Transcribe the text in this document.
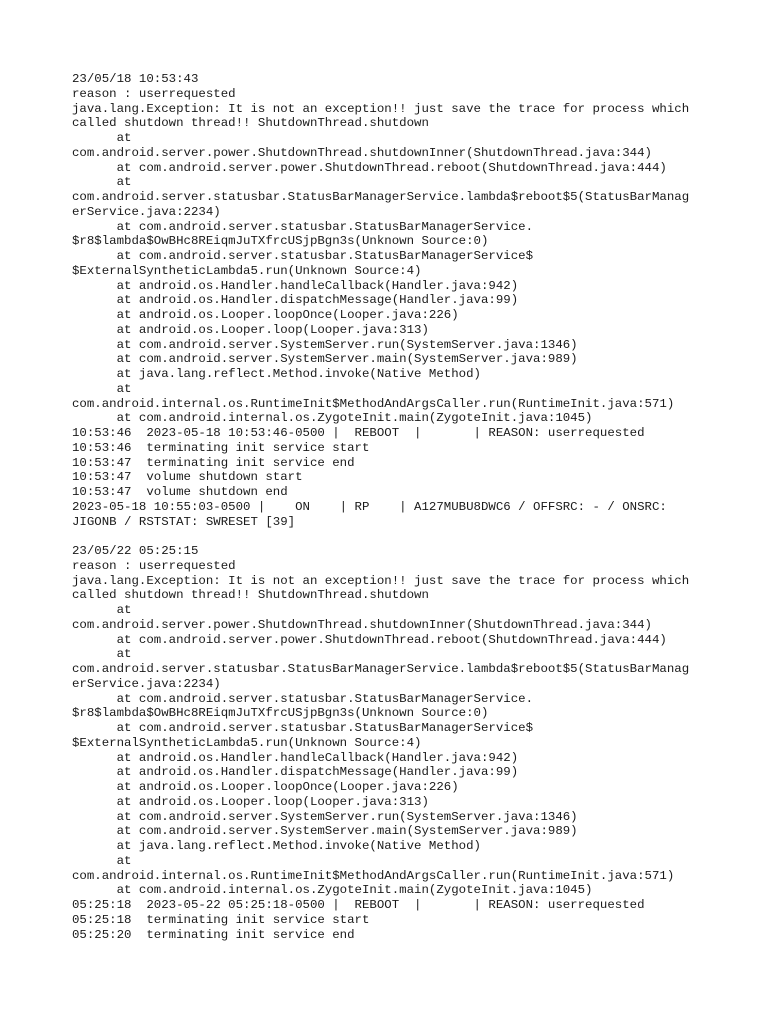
23/05/18 10:53:43
reason : userrequested
java.lang.Exception: It is not an exception!! just save the trace for process which
called shutdown thread!! ShutdownThread.shutdown
at
com.android.server.power.ShutdownThread.shutdownInner(ShutdownThread.java:344)
at com.android.server.power.ShutdownThread.reboot(ShutdownThread.java:444)
at
com.android.server.statusbar.StatusBarManagerService.lambda$reboot$5(StatusBarManag
erService.java:2234)
at com.android.server.statusbar.StatusBarManagerService.
$r8$lambda$OwBHc8REiqmJuTXfrcUSjpBgn3s(Unknown Source:0)
at com.android.server.statusbar.StatusBarManagerService$
$ExternalSyntheticLambda5.run(Unknown Source:4)
at android.os.Handler.handleCallback(Handler.java:942)
at android.os.Handler.dispatchMessage(Handler.java:99)
at android.os.Looper.loopOnce(Looper.java:226)
at android.os.Looper.loop(Looper.java:313)
at com.android.server.SystemServer.run(SystemServer.java:1346)
at com.android.server.SystemServer.main(SystemServer.java:989)
at java.lang.reflect.Method.invoke(Native Method)
at
com.android.internal.os.RuntimeInit$MethodAndArgsCaller.run(RuntimeInit.java:571)
at com.android.internal.os.ZygoteInit.main(ZygoteInit.java:1045)
10:53:46  2023-05-18 10:53:46-0500 |  REBOOT  |       | REASON: userrequested
10:53:46  terminating init service start
10:53:47  terminating init service end
10:53:47  volume shutdown start
10:53:47  volume shutdown end
2023-05-18 10:55:03-0500 |    ON    | RP    | A127MUBU8DWC6 / OFFSRC: - / ONSRC:
JIGONB / RSTSTAT: SWRESET [39]
23/05/22 05:25:15
reason : userrequested
java.lang.Exception: It is not an exception!! just save the trace for process which
called shutdown thread!! ShutdownThread.shutdown
at
com.android.server.power.ShutdownThread.shutdownInner(ShutdownThread.java:344)
at com.android.server.power.ShutdownThread.reboot(ShutdownThread.java:444)
at
com.android.server.statusbar.StatusBarManagerService.lambda$reboot$5(StatusBarManag
erService.java:2234)
at com.android.server.statusbar.StatusBarManagerService.
$r8$lambda$OwBHc8REiqmJuTXfrcUSjpBgn3s(Unknown Source:0)
at com.android.server.statusbar.StatusBarManagerService$
$ExternalSyntheticLambda5.run(Unknown Source:4)
at android.os.Handler.handleCallback(Handler.java:942)
at android.os.Handler.dispatchMessage(Handler.java:99)
at android.os.Looper.loopOnce(Looper.java:226)
at android.os.Looper.loop(Looper.java:313)
at com.android.server.SystemServer.run(SystemServer.java:1346)
at com.android.server.SystemServer.main(SystemServer.java:989)
at java.lang.reflect.Method.invoke(Native Method)
at
com.android.internal.os.RuntimeInit$MethodAndArgsCaller.run(RuntimeInit.java:571)
at com.android.internal.os.ZygoteInit.main(ZygoteInit.java:1045)
05:25:18  2023-05-22 05:25:18-0500 |  REBOOT  |       | REASON: userrequested
05:25:18  terminating init service start
05:25:20  terminating init service end
